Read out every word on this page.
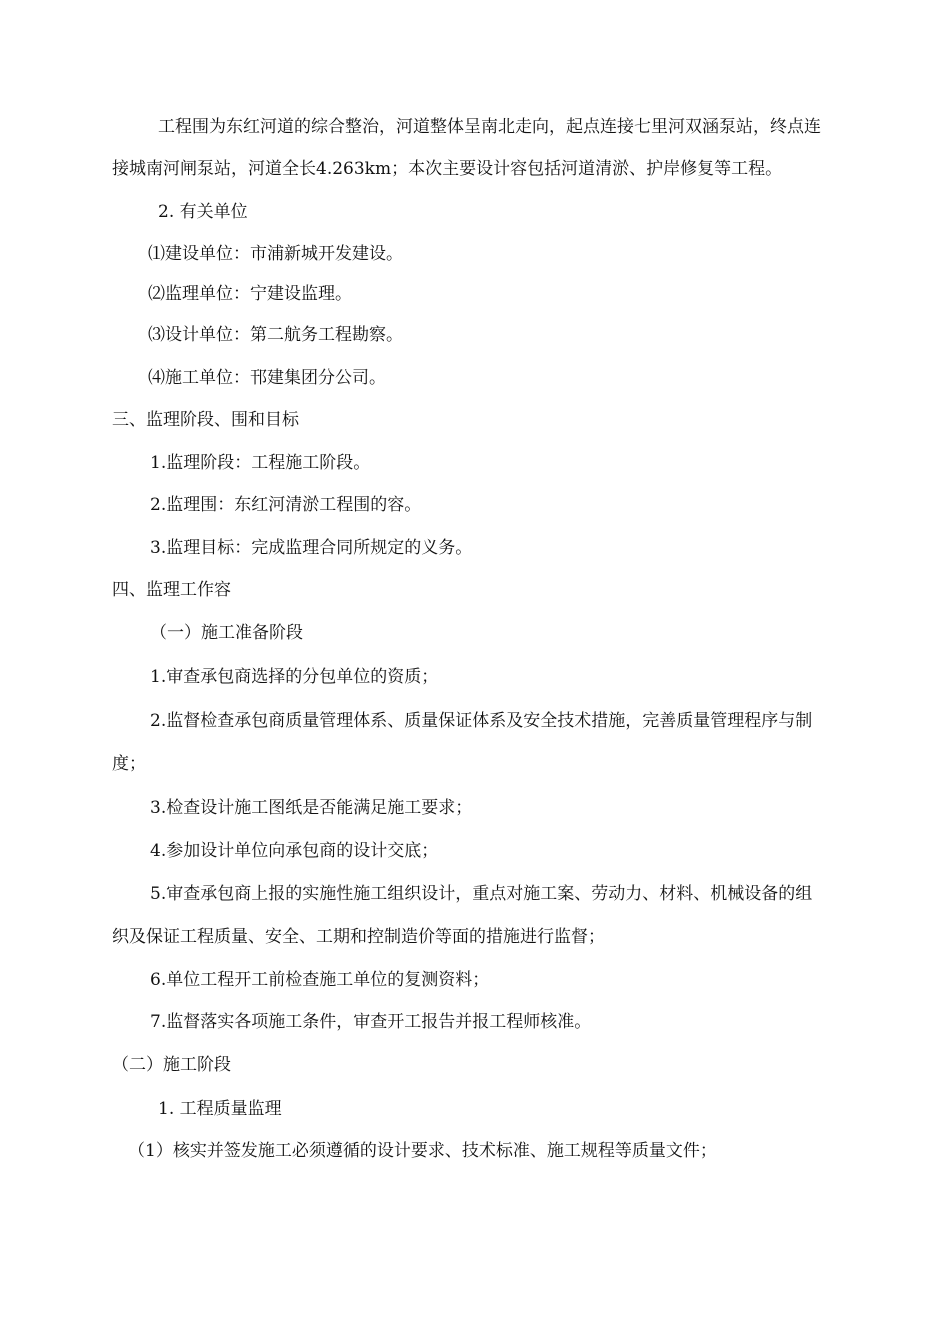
工程围为东红河道的综合整治，河道整体呈南北走向，起点连接七里河双涵泵站，终点连
接城南河闸泵站，河道全长4.263km；本次主要设计容包括河道清淤、护岸修复等工程。
2. 有关单位
⑴建设单位：市浦新城开发建设。
⑵监理单位：宁建设监理。
⑶设计单位：第二航务工程勘察。
⑷施工单位：邗建集团分公司。
三、监理阶段、围和目标
1.监理阶段：工程施工阶段。
2.监理围：东红河清淤工程围的容。
3.监理目标：完成监理合同所规定的义务。
四、监理工作容
（一）施工准备阶段
1.审查承包商选择的分包单位的资质；
2.监督检查承包商质量管理体系、质量保证体系及安全技术措施，完善质量管理程序与制
度；
3.检查设计施工图纸是否能满足施工要求；
4.参加设计单位向承包商的设计交底；
5.审查承包商上报的实施性施工组织设计，重点对施工案、劳动力、材料、机械设备的组
织及保证工程质量、安全、工期和控制造价等面的措施进行监督；
6.单位工程开工前检查施工单位的复测资料；
7.监督落实各项施工条件，审查开工报告并报工程师核准。
（二）施工阶段
1. 工程质量监理
（1）核实并签发施工必须遵循的设计要求、技术标准、施工规程等质量文件；
